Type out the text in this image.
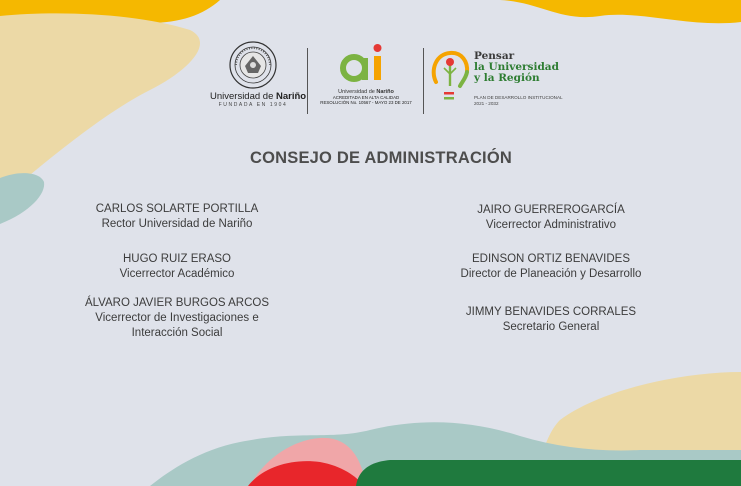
Universidad de Nariño
FUNDADA EN 1904
Universidad de Nariño
ACREDITADA EN ALTA CALIDAD
RESOLUCIÓN No. 10567 - MAYO 23 DE 2017
Pensar
la Universidad
y la Región
PLAN DE DESARROLLO INSTITUCIONAL
2021 - 2032
CONSEJO DE ADMINISTRACIÓN
CARLOS SOLARTE PORTILLA
Rector Universidad de Nariño
HUGO RUIZ ERASO
Vicerrector Académico
ÁLVARO JAVIER BURGOS ARCOS
Vicerrector de Investigaciones e
Interacción Social
JAIRO GUERREROGARCÍA
Vicerrector Administrativo
EDINSON ORTIZ BENAVIDES
Director de Planeación y Desarrollo
JIMMY BENAVIDES CORRALES
Secretario General
